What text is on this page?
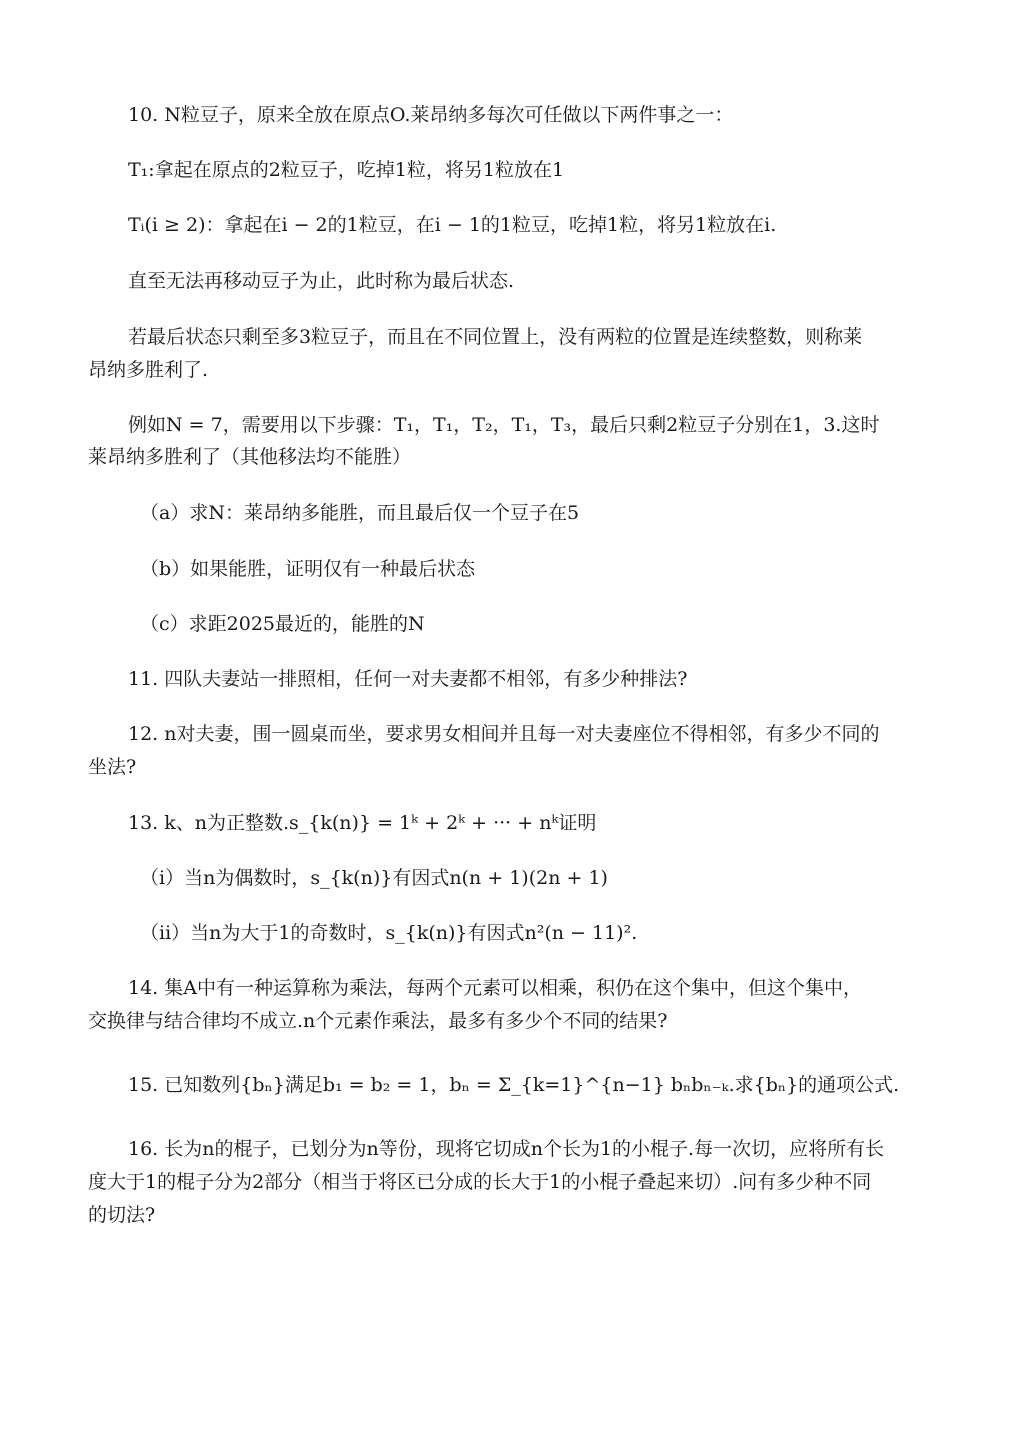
10. N粒豆子，原来全放在原点O.莱昂纳多每次可任做以下两件事之一：
T₁:拿起在原点的2粒豆子，吃掉1粒，将另1粒放在1
Tᵢ(i ≥ 2)：拿起在i − 2的1粒豆，在i − 1的1粒豆，吃掉1粒，将另1粒放在i.
直至无法再移动豆子为止，此时称为最后状态.
若最后状态只剩至多3粒豆子，而且在不同位置上，没有两粒的位置是连续整数，则称莱
昂纳多胜利了.
例如N = 7，需要用以下步骤：T₁，T₁，T₂，T₁，T₃，最后只剩2粒豆子分别在1，3.这时
莱昂纳多胜利了（其他移法均不能胜）
（a）求N：莱昂纳多能胜，而且最后仅一个豆子在5
（b）如果能胜，证明仅有一种最后状态
（c）求距2025最近的，能胜的N
11. 四队夫妻站一排照相，任何一对夫妻都不相邻，有多少种排法?
12. n对夫妻，围一圆桌而坐，要求男女相间并且每一对夫妻座位不得相邻，有多少不同的
坐法?
13. k、n为正整数.s_{k(n)} = 1ᵏ + 2ᵏ + ··· + nᵏ证明
（i）当n为偶数时，s_{k(n)}有因式n(n + 1)(2n + 1)
（ii）当n为大于1的奇数时，s_{k(n)}有因式n²(n − 11)².
14. 集A中有一种运算称为乘法，每两个元素可以相乘，积仍在这个集中，但这个集中，
交换律与结合律均不成立.n个元素作乘法，最多有多少个不同的结果?
15. 已知数列{bₙ}满足b₁ = b₂ = 1，bₙ = Σ_{k=1}^{n−1} bₙbₙ₋ₖ.求{bₙ}的通项公式.
16. 长为n的棍子，已划分为n等份，现将它切成n个长为1的小棍子.每一次切，应将所有长
度大于1的棍子分为2部分（相当于将区已分成的长大于1的小棍子叠起来切）.问有多少种不同
的切法?
